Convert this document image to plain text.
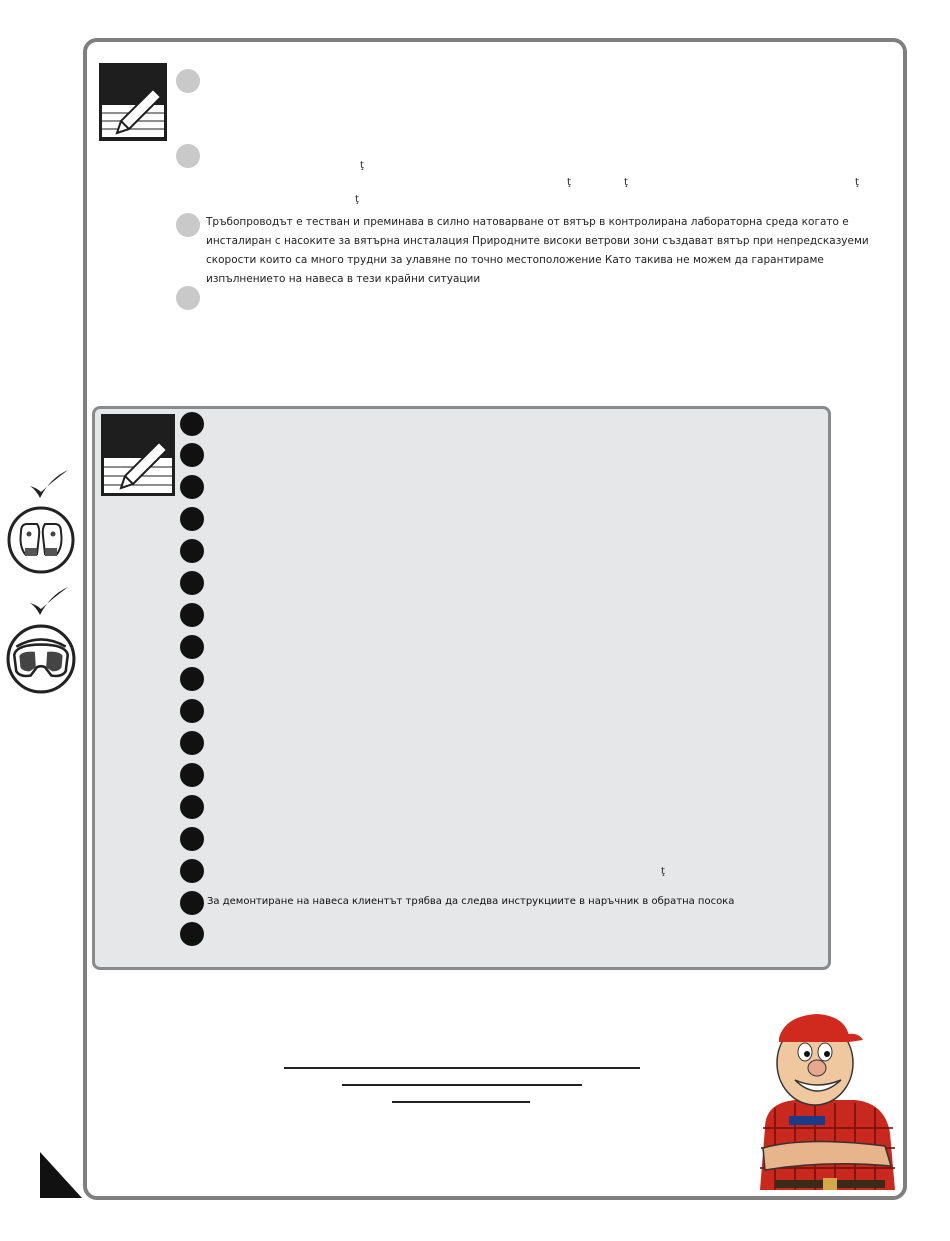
ţ
ţ	ţ	ţ
ţ
Тръбопроводът е тестван и преминава в силно натоварване от вятър в контролирана лабораторна среда когато е инсталиран с насоките за вятърна инсталация Природните високи ветрови зони създават вятър при непредсказуеми скорости които са много трудни за улавяне по точно местоположение Като такива не можем да гарантираме изпълнението на навеса в тези крайни ситуации
ţ
За демонтиране на навеса клиентът трябва да следва инструкциите в наръчник в обратна посока
